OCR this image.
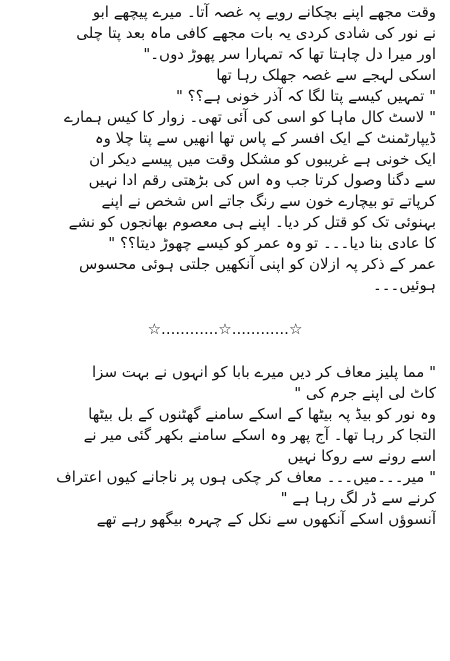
وقت مجھے اپنے بچکانے رویے پہ غصہ آتا۔ میرے پیچھے ابو
نے نور کی شادی کردی یہ بات مجھے کافی ماہ بعد پتا چلی
اور میرا دل چاہتا تھا کہ تمہارا سر پھوڑ دوں۔"
اسکی لہجے سے غصہ جھلک رہا تھا
" تمہیں کیسے پتا لگا کہ آذر خونی ہے؟؟ "
" لاسٹ کال ماہا کو اسی کی آئی تھی۔ زوار کا کیس ہمارے
ڈیپارٹمنٹ کے ایک افسر کے پاس تھا انھیں سے پتا چلا وہ
ایک خونی ہے غریبوں کو مشکل وقت میں پیسے دیکر ان
سے دگنا وصول کرتا جب وہ اس کی بڑھتی رقم ادا نہیں
کرپاتے تو بیچارے خون سے رنگ جاتے اس شخص نے اپنے
بہنوئی تک کو قتل کر دیا۔ اپنے ہی معصوم بھانجوں کو نشے
کا عادی بنا دیا۔۔۔ تو وہ عمر کو کیسے چھوڑ دیتا؟؟ "
عمر کے ذکر پہ ازلان کو اپنی آنکھیں جلتی ہوئی محسوس
ہوئیں۔۔۔
☆............☆............☆
" مما پلیز معاف کر دیں میرے بابا کو انہوں نے بہت سزا
کاٹ لی اپنے جرم کی "
وہ نور کو بیڈ پہ بیٹھا کے اسکے سامنے گھٹنوں کے بل بیٹھا
التجا کر رہا تھا۔ آج پھر وہ اسکے سامنے بکھر گئی میر نے
اسے رونے سے روکا نہیں
" میر۔۔۔میں۔۔۔ معاف کر چکی ہوں پر ناجانے کیوں اعتراف
کرنے سے ڈر لگ رہا ہے "
آنسوؤں اسکے آنکھوں سے نکل کے چہرہ بیگھو رہے تھے
